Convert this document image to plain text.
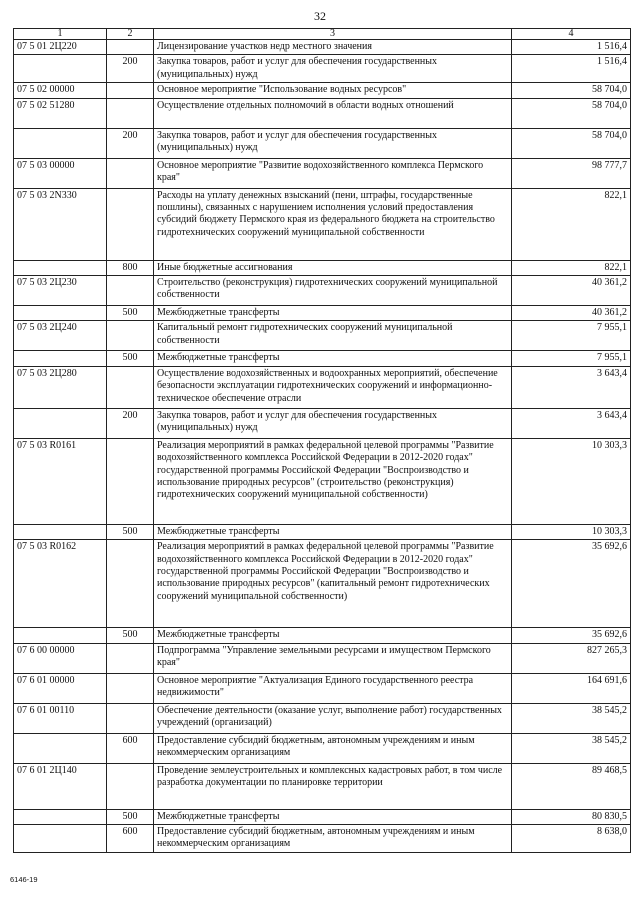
32
1	2	3	4
07 5 01 2Ц220		Лицензирование участков недр местного значения	1 516,4
	200	Закупка товаров, работ и услуг для обеспечения государственных (муниципальных) нужд	1 516,4
07 5 02 00000		Основное мероприятие "Использование водных ресурсов"	58 704,0
07 5 02 51280		Осуществление отдельных полномочий в области водных отношений	58 704,0
	200	Закупка товаров, работ и услуг для обеспечения государственных (муниципальных) нужд	58 704,0
07 5 03 00000		Основное мероприятие "Развитие водохозяйственного комплекса Пермского края"	98 777,7
07 5 03 2N330		Расходы на уплату денежных взысканий (пени, штрафы, государственные пошлины), связанных с нарушением исполнения условий предоставления субсидий бюджету Пермского края из федерального бюджета на строительство гидротехнических сооружений муниципальной собственности	822,1
	800	Иные бюджетные ассигнования	822,1
07 5 03 2Ц230		Строительство (реконструкция) гидротехнических сооружений муниципальной собственности	40 361,2
	500	Межбюджетные трансферты	40 361,2
07 5 03 2Ц240		Капитальный ремонт гидротехнических сооружений муниципальной собственности	7 955,1
	500	Межбюджетные трансферты	7 955,1
07 5 03 2Ц280		Осуществление водохозяйственных и водоохранных мероприятий, обеспечение безопасности эксплуатации гидротехнических сооружений и информационно-техническое обеспечение отрасли	3 643,4
	200	Закупка товаров, работ и услуг для обеспечения государственных (муниципальных) нужд	3 643,4
07 5 03 R0161		Реализация мероприятий в рамках федеральной целевой программы "Развитие водохозяйственного комплекса Российской Федерации в 2012-2020 годах" государственной программы Российской Федерации "Воспроизводство и использование природных ресурсов" (строительство (реконструкция) гидротехнических сооружений муниципальной собственности)	10 303,3
	500	Межбюджетные трансферты	10 303,3
07 5 03 R0162		Реализация мероприятий в рамках федеральной целевой программы "Развитие водохозяйственного комплекса Российской Федерации в 2012-2020 годах" государственной программы Российской Федерации "Воспроизводство и использование природных ресурсов" (капитальный ремонт гидротехнических сооружений муниципальной собственности)	35 692,6
	500	Межбюджетные трансферты	35 692,6
07 6 00 00000		Подпрограмма "Управление земельными ресурсами и имуществом Пермского края"	827 265,3
07 6 01 00000		Основное мероприятие "Актуализация Единого государственного реестра недвижимости"	164 691,6
07 6 01 00110		Обеспечение деятельности (оказание услуг, выполнение работ) государственных учреждений (организаций)	38 545,2
	600	Предоставление субсидий бюджетным, автономным учреждениям и иным некоммерческим организациям	38 545,2
07 6 01 2Ц140		Проведение землеустроительных и комплексных кадастровых работ, в том числе разработка документации по планировке территории	89 468,5
	500	Межбюджетные трансферты	80 830,5
	600	Предоставление субсидий бюджетным, автономным учреждениям и иным некоммерческим организациям	8 638,0
6146-19
